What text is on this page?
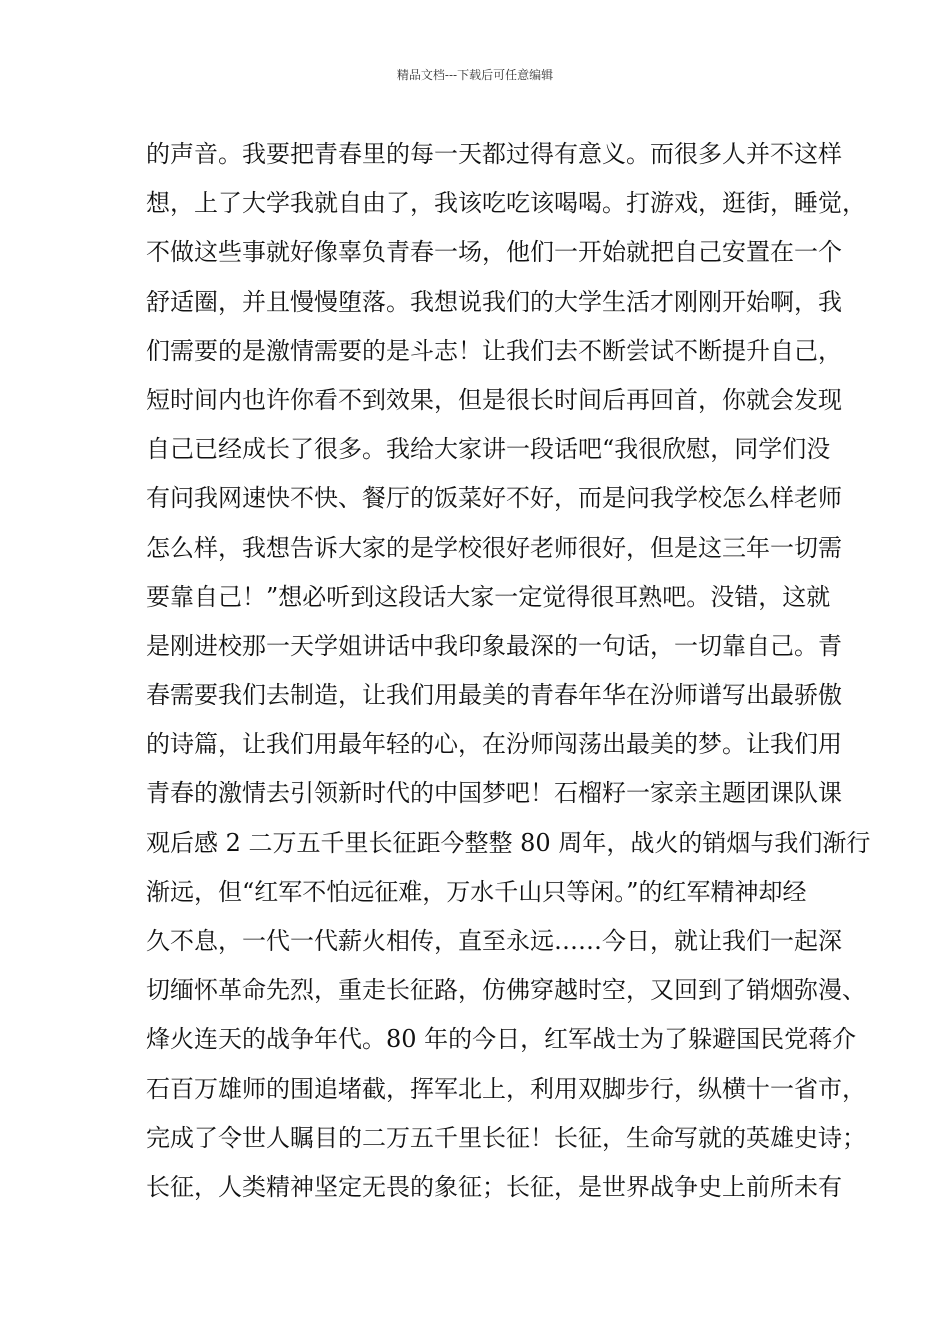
精品文档---下载后可任意编辑
的声音。我要把青春里的每一天都过得有意义。而很多人并不这样
想，上了大学我就自由了，我该吃吃该喝喝。打游戏，逛街，睡觉，
不做这些事就好像辜负青春一场，他们一开始就把自己安置在一个
舒适圈，并且慢慢堕落。我想说我们的大学生活才刚刚开始啊，我
们需要的是激情需要的是斗志！让我们去不断尝试不断提升自己，
短时间内也许你看不到效果，但是很长时间后再回首，你就会发现
自己已经成长了很多。我给大家讲一段话吧“我很欣慰，同学们没
有问我网速快不快、餐厅的饭菜好不好，而是问我学校怎么样老师
怎么样，我想告诉大家的是学校很好老师很好，但是这三年一切需
要靠自己！”想必听到这段话大家一定觉得很耳熟吧。没错，这就
是刚进校那一天学姐讲话中我印象最深的一句话，一切靠自己。青
春需要我们去制造，让我们用最美的青春年华在汾师谱写出最骄傲
的诗篇，让我们用最年轻的心，在汾师闯荡出最美的梦。让我们用
青春的激情去引领新时代的中国梦吧！石榴籽一家亲主题团课队课
观后感 2 二万五千里长征距今整整 80 周年，战火的销烟与我们渐行
渐远，但“红军不怕远征难，万水千山只等闲。”的红军精神却经
久不息，一代一代薪火相传，直至永远……今日，就让我们一起深
切缅怀革命先烈，重走长征路，仿佛穿越时空，又回到了销烟弥漫、
烽火连天的战争年代。80 年的今日，红军战士为了躲避国民党蒋介
石百万雄师的围追堵截，挥军北上，利用双脚步行，纵横十一省市，
完成了令世人瞩目的二万五千里长征！长征，生命写就的英雄史诗；
长征，人类精神坚定无畏的象征；长征，是世界战争史上前所未有
